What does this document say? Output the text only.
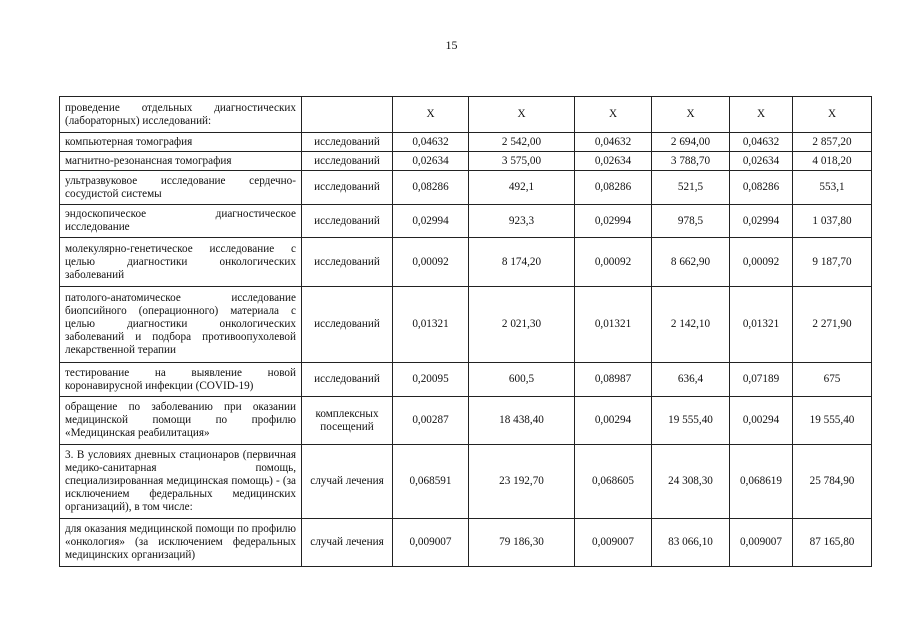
15
проведение отдельных диагностических (лабораторных) исследований:		X	X	X	X	X	X
компьютерная томография	исследований	0,04632	2 542,00	0,04632	2 694,00	0,04632	2 857,20
магнитно-резонансная томография	исследований	0,02634	3 575,00	0,02634	3 788,70	0,02634	4 018,20
ультразвуковое исследование сердечно-сосудистой системы	исследований	0,08286	492,1	0,08286	521,5	0,08286	553,1
эндоскопическое диагностическое исследование	исследований	0,02994	923,3	0,02994	978,5	0,02994	1 037,80
молекулярно-генетическое исследование с целью диагностики онкологических заболеваний	исследований	0,00092	8 174,20	0,00092	8 662,90	0,00092	9 187,70
патолого-анатомическое исследование биопсийного (операционного) материала с целью диагностики онкологических заболеваний и подбора противоопухолевой лекарственной терапии	исследований	0,01321	2 021,30	0,01321	2 142,10	0,01321	2 271,90
тестирование на выявление новой коронавирусной инфекции (COVID-19)	исследований	0,20095	600,5	0,08987	636,4	0,07189	675
обращение по заболеванию при оказании медицинской помощи по профилю «Медицинская реабилитация»	комплексных посещений	0,00287	18 438,40	0,00294	19 555,40	0,00294	19 555,40
3. В условиях дневных стационаров (первичная медико-санитарная помощь, специализированная медицинская помощь) - (за исключением федеральных медицинских организаций), в том числе:	случай лечения	0,068591	23 192,70	0,068605	24 308,30	0,068619	25 784,90
для оказания медицинской помощи по профилю «онкология» (за исключением федеральных медицинских организаций)	случай лечения	0,009007	79 186,30	0,009007	83 066,10	0,009007	87 165,80
